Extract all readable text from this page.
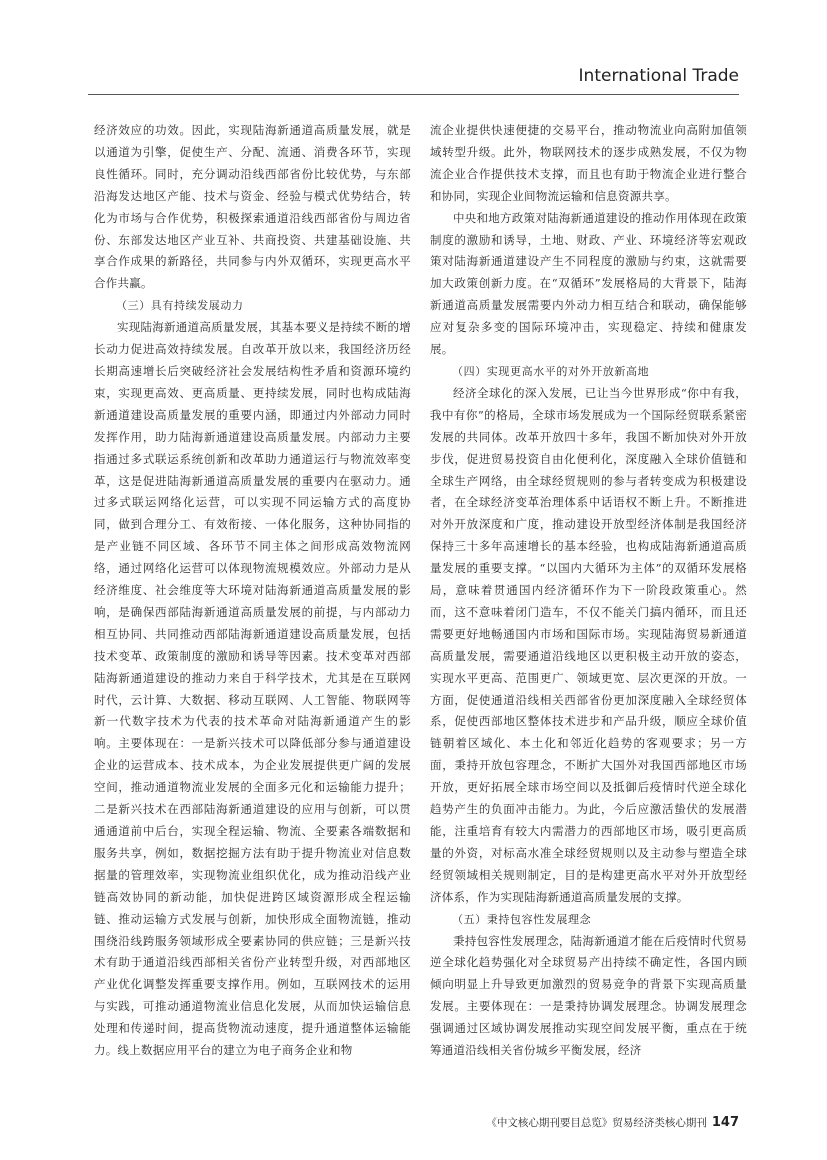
International Trade

经济效应的功效。因此，实现陆海新通道高质量发展，就是以通道为引擎，促使生产、分配、流通、消费各环节，实现良性循环。同时，充分调动沿线西部省份比较优势，与东部沿海发达地区产能、技术与资金、经验与模式优势结合，转化为市场与合作优势，积极探索通道沿线西部省份与周边省份、东部发达地区产业互补、共商投资、共建基础设施、共享合作成果的新路径，共同参与内外双循环，实现更高水平合作共赢。

（三）具有持续发展动力

实现陆海新通道高质量发展，其基本要义是持续不断的增长动力促进高效持续发展。自改革开放以来，我国经济历经长期高速增长后突破经济社会发展结构性矛盾和资源环境约束，实现更高效、更高质量、更持续发展，同时也构成陆海新通道建设高质量发展的重要内涵，即通过内外部动力同时发挥作用，助力陆海新通道建设高质量发展。内部动力主要指通过多式联运系统创新和改革助力通道运行与物流效率变革，这是促进陆海新通道高质量发展的重要内在驱动力。通过多式联运网络化运营，可以实现不同运输方式的高度协同，做到合理分工、有效衔接、一体化服务，这种协同指的是产业链不同区域、各环节不同主体之间形成高效物流网络，通过网络化运营可以体现物流规模效应。外部动力是从经济维度、社会维度等大环境对陆海新通道高质量发展的影响，是确保西部陆海新通道高质量发展的前提，与内部动力相互协同、共同推动西部陆海新通道建设高质量发展，包括技术变革、政策制度的激励和诱导等因素。技术变革对西部陆海新通道建设的推动力来自于科学技术，尤其是在互联网时代，云计算、大数据、移动互联网、人工智能、物联网等新一代数字技术为代表的技术革命对陆海新通道产生的影响。主要体现在：一是新兴技术可以降低部分参与通道建设企业的运营成本、技术成本，为企业发展提供更广阔的发展空间，推动通道物流业发展的全面多元化和运输能力提升；二是新兴技术在西部陆海新通道建设的应用与创新，可以贯通通道前中后台，实现全程运输、物流、全要素各端数据和服务共享，例如，数据挖掘方法有助于提升物流业对信息数据量的管理效率，实现物流业组织优化，成为推动沿线产业链高效协同的新动能，加快促进跨区域资源形成全程运输链、推动运输方式发展与创新，加快形成全面物流链，推动围绕沿线跨服务领域形成全要素协同的供应链；三是新兴技术有助于通道沿线西部相关省份产业转型升级，对西部地区产业优化调整发挥重要支撑作用。例如，互联网技术的运用与实践，可推动通道物流业信息化发展，从而加快运输信息处理和传递时间，提高货物流动速度，提升通道整体运输能力。线上数据应用平台的建立为电子商务企业和物

流企业提供快速便捷的交易平台，推动物流业向高附加值领域转型升级。此外，物联网技术的逐步成熟发展，不仅为物流企业合作提供技术支撑，而且也有助于物流企业进行整合和协同，实现企业间物流运输和信息资源共享。

中央和地方政策对陆海新通道建设的推动作用体现在政策制度的激励和诱导，土地、财政、产业、环境经济等宏观政策对陆海新通道建设产生不同程度的激励与约束，这就需要加大政策创新力度。在“双循环”发展格局的大背景下，陆海新通道高质量发展需要内外动力相互结合和联动，确保能够应对复杂多变的国际环境冲击，实现稳定、持续和健康发展。

（四）实现更高水平的对外开放新高地

经济全球化的深入发展，已让当今世界形成“你中有我，我中有你”的格局，全球市场发展成为一个国际经贸联系紧密发展的共同体。改革开放四十多年，我国不断加快对外开放步伐，促进贸易投资自由化便利化，深度融入全球价值链和全球生产网络，由全球经贸规则的参与者转变成为积极建设者，在全球经济变革治理体系中话语权不断上升。不断推进对外开放深度和广度，推动建设开放型经济体制是我国经济保持三十多年高速增长的基本经验，也构成陆海新通道高质量发展的重要支撑。“以国内大循环为主体”的双循环发展格局，意味着贯通国内经济循环作为下一阶段政策重心。然而，这不意味着闭门造车，不仅不能关门搞内循环，而且还需要更好地畅通国内市场和国际市场。实现陆海贸易新通道高质量发展，需要通道沿线地区以更积极主动开放的姿态，实现水平更高、范围更广、领域更宽、层次更深的开放。一方面，促使通道沿线相关西部省份更加深度融入全球经贸体系，促使西部地区整体技术进步和产品升级，顺应全球价值链朝着区域化、本土化和邻近化趋势的客观要求；另一方面，秉持开放包容理念，不断扩大国外对我国西部地区市场开放，更好拓展全球市场空间以及抵御后疫情时代逆全球化趋势产生的负面冲击能力。为此，今后应激活蛰伏的发展潜能，注重培育有较大内需潜力的西部地区市场，吸引更高质量的外资，对标高水准全球经贸规则以及主动参与塑造全球经贸领域相关规则制定，目的是构建更高水平对外开放型经济体系，作为实现陆海新通道高质量发展的支撑。

（五）秉持包容性发展理念

秉持包容性发展理念，陆海新通道才能在后疫情时代贸易逆全球化趋势强化对全球贸易产出持续不确定性，各国内顾倾向明显上升导致更加激烈的贸易竞争的背景下实现高质量发展。主要体现在：一是秉持协调发展理念。协调发展理念强调通过区域协调发展推动实现空间发展平衡，重点在于统筹通道沿线相关省份城乡平衡发展，经济

《中文核心期刊要目总览》贸易经济类核心期刊 147
